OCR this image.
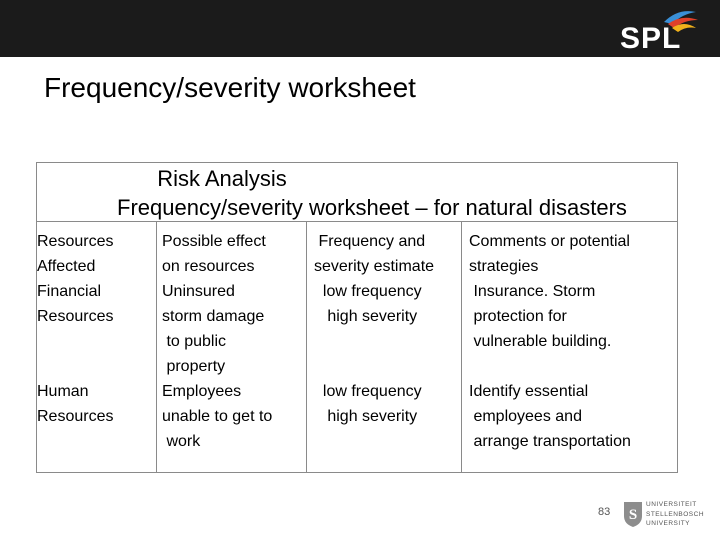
SPL
Frequency/severity worksheet
Risk Analysis
Frequency/severity worksheet – for natural disasters
Resources
Affected
Financial
Resources
Possible effect
on resources
Uninsured
storm damage
to public
property
Frequency and
severity estimate
low frequency
high severity
Comments or potential
strategies
Insurance. Storm
protection for
vulnerable building.
Human
Resources
Employees
unable to get to
work
low frequency
high severity
Identify essential
employees and
arrange transportation
83 S
UNIVERSITEIT
STELLENBOSCH
UNIVERSITY
